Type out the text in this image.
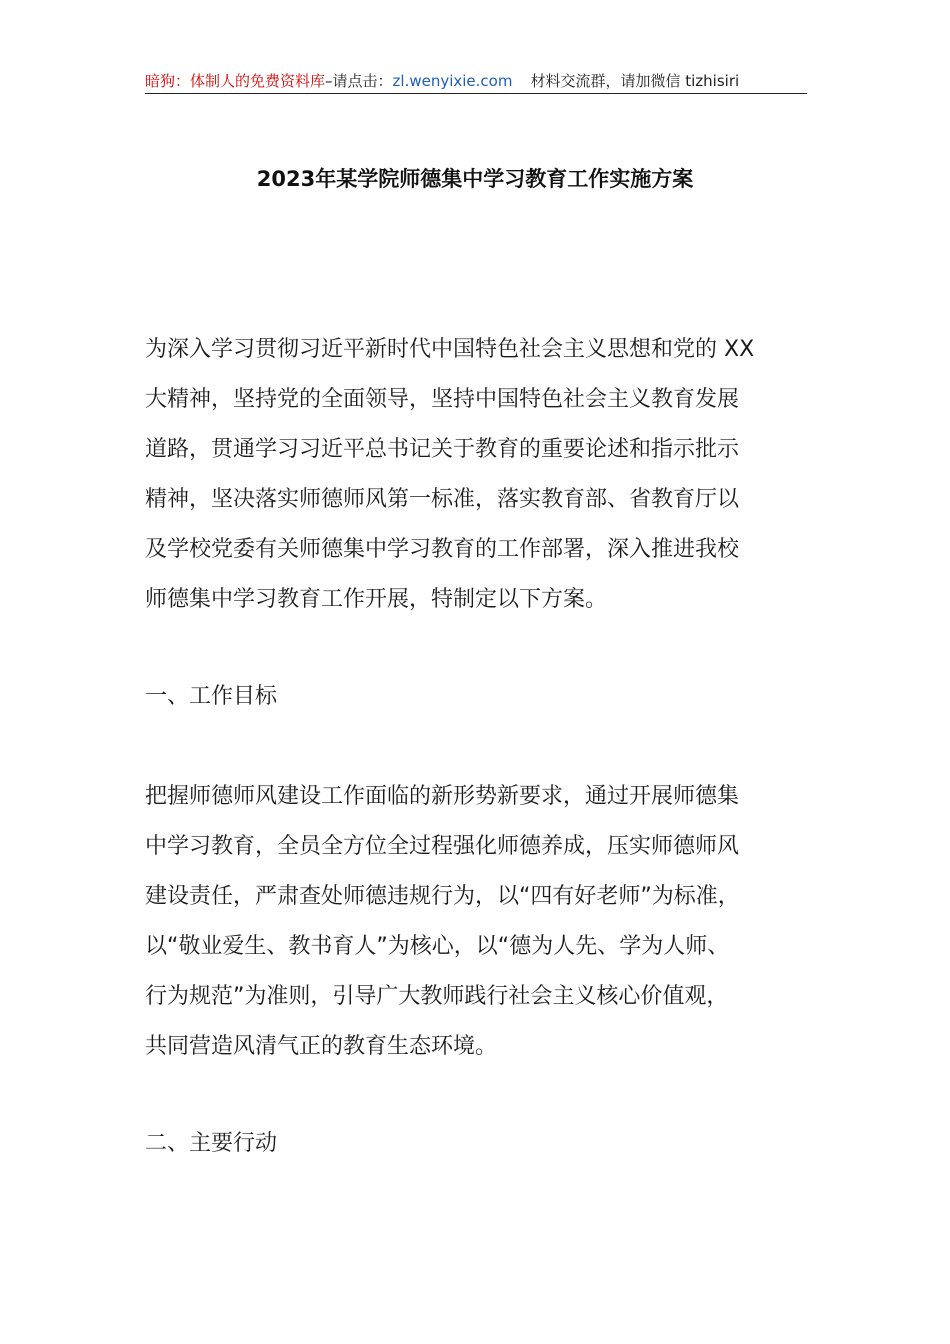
暗狗：体制人的免费资料库–请点击：zl.wenyixie.com 材料交流群，请加微信 tizhisiri
2023年某学院师德集中学习教育工作实施方案

为深入学习贯彻习近平新时代中国特色社会主义思想和党的 XX
大精神，坚持党的全面领导，坚持中国特色社会主义教育发展
道路，贯通学习习近平总书记关于教育的重要论述和指示批示
精神，坚决落实师德师风第一标准，落实教育部、省教育厅以
及学校党委有关师德集中学习教育的工作部署，深入推进我校
师德集中学习教育工作开展，特制定以下方案。

一、工作目标

把握师德师风建设工作面临的新形势新要求，通过开展师德集
中学习教育，全员全方位全过程强化师德养成，压实师德师风
建设责任，严肃查处师德违规行为，以“四有好老师”为标准，
以“敬业爱生、教书育人”为核心，以“德为人先、学为人师、
行为规范”为准则，引导广大教师践行社会主义核心价值观，
共同营造风清气正的教育生态环境。

二、主要行动
